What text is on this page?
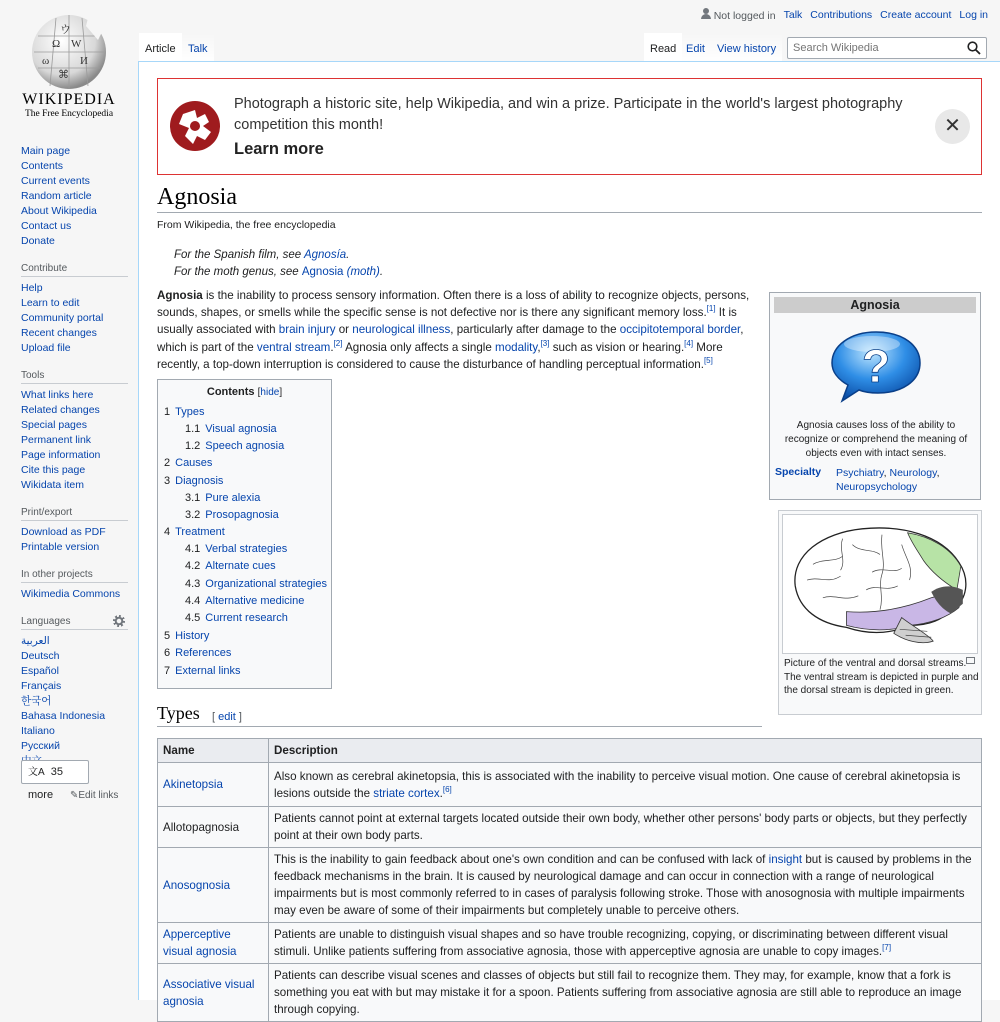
Ω W
ω	И
ウ
⌘
WIKIPEDIA
The Free Encyclopedia
Main page
Contents
Current events
Random article
About Wikipedia
Contact us
Donate
Contribute
Help
Learn to edit
Community portal
Recent changes
Upload file
Tools
What links here
Related changes
Special pages
Permanent link
Page information
Cite this page
Wikidata item
Print/export
Download as PDF
Printable version
In other projects
Wikimedia Commons
Languages
العربية
Deutsch
Español
Français
한국어
Bahasa Indonesia
Italiano
Русский
文A 35 more	✎Edit links
Not logged in Talk Contributions Create account Log in
Article	Talk	Read Edit	View history
Search Wikipedia
Photograph a historic site, help Wikipedia, and win a prize. Participate in the world's largest photography competition this month!
Learn more
✕
Agnosia
From Wikipedia, the free encyclopedia
For the Spanish film, see Agnosía.
For the moth genus, see Agnosia (moth).

Agnosia is the inability to process sensory information. Often there is a loss of ability to recognize objects, persons, sounds, shapes, or smells while the specific sense is not defective nor is there any significant memory loss.[1] It is usually associated with brain injury or neurological illness, particularly after damage to the occipitotemporal border, which is part of the ventral stream.[2] Agnosia only affects a single modality,[3] such as vision or hearing.[4] More recently, a top-down interruption is considered to cause the disturbance of handling perceptual information.[5]

Contents [hide]
1 Types
1.1 Visual agnosia
1.2 Speech agnosia
2 Causes
3 Diagnosis
3.1 Pure alexia
3.2 Prosopagnosia
4 Treatment
4.1 Verbal strategies
4.2 Alternate cues
4.3 Organizational strategies
4.4 Alternative medicine
4.5 Current research
5 History
6 References
7 External links
Agnosia
?
Agnosia causes loss of the ability to recognize or comprehend the meaning of objects even with intact senses.
Specialty Psychiatry, Neurology, Neuropsychology
Picture of the ventral and dorsal streams. The ventral stream is depicted in purple and the dorsal stream is depicted in green.
Types	[ edit ]
Name	Description
Akinetopsia	Also known as cerebral akinetopsia, this is associated with the inability to perceive visual motion. One cause of cerebral akinetopsia is lesions outside the striate cortex.[6]
Allotopagnosia	Patients cannot point at external targets located outside their own body, whether other persons' body parts or objects, but they perfectly point at their own body parts.
Anosognosia	This is the inability to gain feedback about one's own condition and can be confused with lack of insight but is caused by problems in the feedback mechanisms in the brain. It is caused by neurological damage and can occur in connection with a range of neurological impairments but is most commonly referred to in cases of paralysis following stroke. Those with anosognosia with multiple impairments may even be aware of some of their impairments but completely unable to perceive others.
Apperceptive visual agnosia	Patients are unable to distinguish visual shapes and so have trouble recognizing, copying, or discriminating between different visual stimuli. Unlike patients suffering from associative agnosia, those with apperceptive agnosia are unable to copy images.[7]
Associative visual agnosia	Patients can describe visual scenes and classes of objects but still fail to recognize them. They may, for example, know that a fork is something you eat with but may mistake it for a spoon. Patients suffering from associative agnosia are still able to reproduce an image through copying.
